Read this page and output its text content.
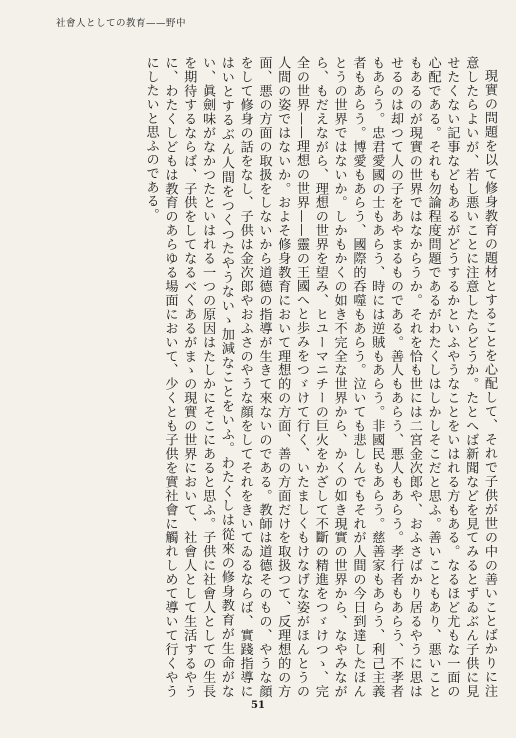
社會人としての教育——野中

現實の問題を以て修身教育の題材とすることを心配して、それで子供が世の中の善いことばかりに注意したらよいが、若し悪いことに注意したらどうか。たとへば新聞などを見てみるとずゐぶん子供に見せたくない記事などもあるがどうするかといふやうなことをいはれる方もある。なるほど尤もな一面の心配である。それも勿論程度問題であるがわたくしはしかしそこだと思ふ。善いこともあり、悪いこともあるのが現實の世界ではなからうか。それを恰も世には二宮金次郎や、おふさばかり居るやうに思はせるのは却つて人の子をあやまるものである。善人もあらう、悪人もあらう。孝行者もあらう、不孝者もあらう。忠君愛國の士もあらう、時には逆賊もあらう。非國民もあらう。慈善家もあらう、利己主義者もあらう。博愛もあらう、國際的呑噬もあらう。泣いても悲しんでもそれが人間の今日到達したほんとうの世界ではないか。しかもかくの如き不完全な世界から、かくの如き現實の世界から、なやみながら、もだえながら、理想の世界を望み、ヒユーマニチーの巨火をかざして不斷の精進をつゞけつゝ、完全の世界——理想の世界——靈の王國へと歩みをつゞけて行く、いたましくもけなげな姿がほんとうの人間の姿ではないか。およそ修身教育において理想的の方面、善の方面だけを取扱つて、反理想的の方面、悪の方面の取扱をしないから道德の指導が生きて來ないのである。教師は道德そのもの、やうな顔をして修身の話をなし、子供は金次郎やおふさのやうな顔をしてそれをきいてゐるならば、實踐指導にはいとするぶん人間をつくつたやうないゝ加減なことをいふ。わたくしは從來の修身教育が生命がない、眞劍味がなかつたといはれる一つの原因はたしかにそこにあると思ふ。子供に社會人としての生長を期待するならば、子供をしてなるべくあるがまゝの現實の世界において、社會人として生活するやうに、わたくしどもは教育のあらゆる場面において、少くとも子供を實社會に觸れしめて導いて行くやうにしたいと思ふのである。

51
